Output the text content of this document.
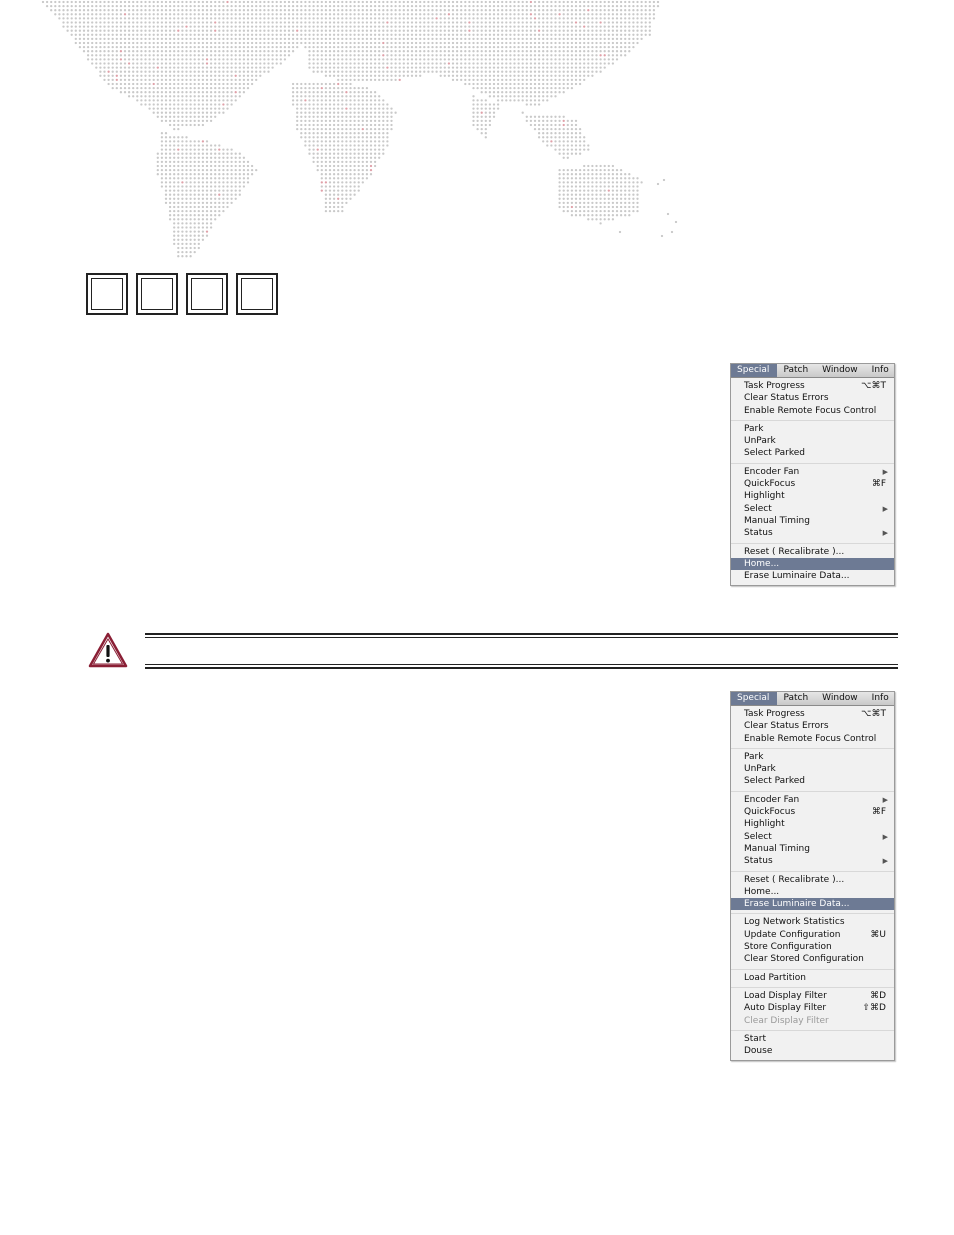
Special	Patch	Window	Info
Task Progress	⌥⌘T
Clear Status Errors
Enable Remote Focus Control
Park
UnPark
Select Parked
Encoder Fan	▶
QuickFocus	⌘F
Highlight
Select	▶
Manual Timing
Status	▶
Reset ( Recalibrate )...
Home...
Erase Luminaire Data...
Special	Patch	Window	Info
Task Progress	⌥⌘T
Clear Status Errors
Enable Remote Focus Control
Park
UnPark
Select Parked
Encoder Fan	▶
QuickFocus	⌘F
Highlight
Select	▶
Manual Timing
Status	▶
Reset ( Recalibrate )...
Home...
Erase Luminaire Data...
Log Network Statistics
Update Configuration	⌘U
Store Configuration
Clear Stored Configuration
Load Partition
Load Display Filter	⌘D
Auto Display Filter	⇧⌘D
Clear Display Filter
Start
Douse
